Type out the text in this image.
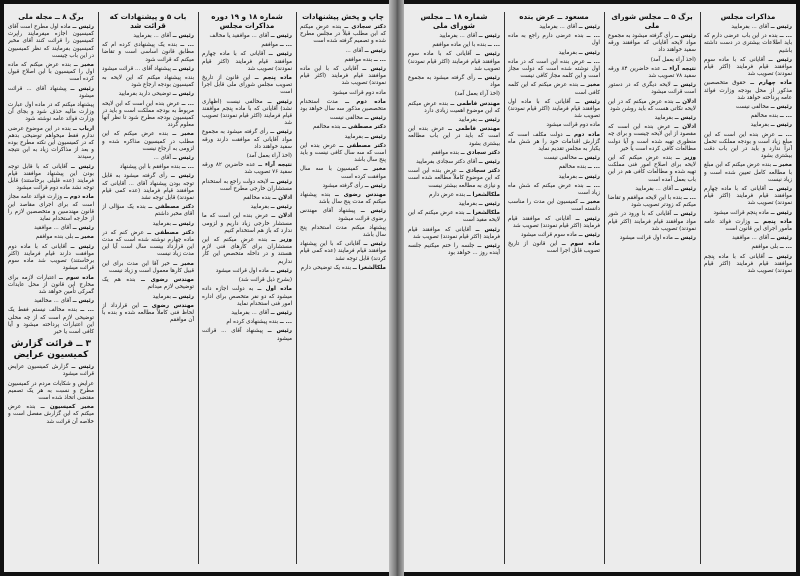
برگ ۸ ــ مجله ملی

رئیس ــ ماده اول مطرح است آقای کمیسیون اجازه میفرمایند راپرت کمیسیون را قرائت کنند آقای مخبر کمیسیون بفرمایند که نظر کمیسیون در این باب چیست

مخبر ــ بنده عرض میکنم که ماده اول را کمیسیون با این اصلاح قبول کرده است

رئیس ــ پیشنهاد آقای ... قرائت میشود

پیشنهاد میکنم که در ماده اول عبارت وزارت مالیه حذف شود و بجای آن وزارت فوائد عامه نوشته شود

ارباب ــ بنده در این موضوع عرضی ندارم فقط میخواهم توضیحی بدهم که در کمیسیون این نکته مطرح بوده و بعد از مذاکرات زیاد به این نتیجه رسیدند

رئیس ــ آقایانی که با قابل توجه بودن این پیشنهاد موافقند قیام فرمایند (عده قلیلی برخاستند) قابل توجه نشد ماده دوم قرائت میشود

ماده دوم ــ وزارت فوائد عامه مجاز است که برای اجرای مقاصد این قانون مهندسین و متخصصین لازم را از خارجه استخدام نماید

رئیس ــ آقای ... موافقید

مخبر ــ بلی بنده موافقم

رئیس ــ آقایانی که با ماده دوم موافقت دارند قیام فرمایند (اکثر برخاستند) تصویب شد ماده سوم قرائت میشود

ماده سوم ــ اعتبارات لازمه برای مخارج این قانون از محل عایدات گمرکی تأمین خواهد شد

رئیس ــ آقای ... مخالفید

... ــ بنده مخالف نیستم فقط یک توضیحی لازم است که از چه محلی این اعتبارات پرداخته میشود و آیا کافی است یا خیر

۳ ــ قرائت گزارش کمیسیون عرایض

رئیس ــ گزارش کمیسیون عرایض قرائت میشود

عرایض و شکایات مردم در کمیسیون مطرح و نسبت به هر یک تصمیم مقتضی اتخاذ شده است

مخبر کمیسیون ــ بنده عرض میکنم که این گزارش مفصل است و خلاصه آن قرائت شد

باب ۵ و پیشنهادات که قرائت شد

رئیس ــ آقای ... بفرمایید

... ــ بنده یک پیشنهادی کرده ام که مطابق قانون اساسی است و تقاضا میکنم که قرائت شود

رئیس ــ پیشنهاد آقای ... قرائت میشود

بنده پیشنهاد میکنم که این لایحه به کمیسیون بودجه ارجاع شود

رئیس ــ توضیحی دارید بفرمایید

... ــ عرض بنده این است که این لایحه مربوط به بودجه مملکت است و باید در کمیسیون بودجه مطرح شود تا نظر آنها معلوم گردد

مخبر ــ بنده عرض میکنم که این مطلب در کمیسیون مذاکره شده و لزومی به ارجاع نیست

رئیس ــ آقای ...

... ــ بنده موافقم با این پیشنهاد

رئیس ــ رأی گرفته میشود به قابل توجه بودن پیشنهاد آقای ... آقایانی که موافقند قیام فرمایند (عده کمی قیام نمودند) قابل توجه نشد

دکتر مصطفی ــ بنده یک سؤالی از آقای مخبر داشتم

رئیس ــ بفرمایید

دکتر مصطفی ــ عرض کنم که در ماده چهارم نوشته شده است که مدت این قرارداد بیست سال است آیا این مدت زیاد نیست

مخبر ــ خیر آقا این مدت برای این قبیل کارها معمول است و زیاد نیست

مهندس رضوی ــ بنده هم یک توضیحی لازم میدانم

رئیس ــ بفرمایید

مهندس رضوی ــ این قرارداد از لحاظ فنی کاملاً مطالعه شده و بنده با آن موافقم

شماره ۱۸ و ۱۹ دوره مذاکرات مجلس

رئیس ــ آقای ... موافقید یا مخالف

... ــ موافقم

رئیس ــ آقایانی که با ماده چهارم موافقند قیام فرمایند (اکثر قیام نمودند) تصویب شد

ماده پنجم ــ این قانون از تاریخ تصویب مجلس شورای ملی قابل اجرا است

رئیس ــ مخالفی نیست (اظهاری نشد) آقایانی که با ماده پنجم موافقند قیام فرمایند (اکثر قیام نمودند) تصویب شد

رئیس ــ رأی گرفته میشود به مجموع مواد آقایانی که موافقت دارند ورقه سفید خواهند داد

(اخذ آراء بعمل آمد)

نتیجه آراء ــ عده حاضرین ۸۲ ورقه سفید ۷۶ تصویب شد

رئیس ــ لایحه دولت راجع به استخدام مستشاران خارجی مطرح است

ادلان ــ بنده مخالفم

رئیس ــ بفرمایید

ادلان ــ عرض بنده این است که ما مستشار خارجی زیاد داریم و لزومی ندارد که باز هم استخدام کنیم

وزیر ــ بنده عرض میکنم که این مستشاران برای کارهای فنی لازم هستند و در داخله متخصص این کار نداریم

رئیس ــ ماده اول قرائت میشود

(بشرح ذیل قرائت شد)

ماده اول ــ به دولت اجازه داده میشود که دو نفر متخصص برای اداره امور فنی استخدام نماید

رئیس ــ آقای ... بفرمایید

... ــ بنده پیشنهادی کرده ام

رئیس ــ پیشنهاد آقای ... قرائت میشود

چاپ و پخش پیشنهادات

دکتر سجادی ــ بنده عرض میکنم که این مطلب قبلاً در مجلس مطرح شده و تصمیم گرفته شده است

رئیس ــ آقای ...

... ــ بنده موافقم

رئیس ــ آقایانی که با این ماده موافقند قیام فرمایند (اکثر قیام نمودند) تصویب شد

ماده دوم قرائت میشود

ماده دوم ــ مدت استخدام متخصصین مذکور سه سال خواهد بود

رئیس ــ مخالفی نیست

دکتر مصطفی ــ بنده مخالفم

رئیس ــ بفرمایید

دکتر مصطفی ــ عرض بنده این است که سه سال کافی نیست و باید پنج سال باشد

مخبر ــ کمیسیون با سه سال موافقت کرده است

رئیس ــ رأی گرفته میشود

مهندس رضوی ــ بنده پیشنهاد میکنم که مدت پنج سال باشد

رئیس ــ پیشنهاد آقای مهندس رضوی قرائت میشود

پیشنهاد میکنم مدت استخدام پنج سال باشد

رئیس ــ آقایانی که با این پیشنهاد موافقند قیام فرمایند (عده کمی قیام کردند) قابل توجه نشد

ملکالشعرا ــ بنده یک توضیحی دارم

شماره ۱۸ ــ مجلس شورای ملی

رئیس ــ آقای ... بفرمایید

... ــ بنده با این ماده موافقم

رئیس ــ آقایانی که با ماده سوم موافقند قیام فرمایند (اکثر قیام نمودند) تصویب شد

رئیس ــ رأی گرفته میشود به مجموع مواد

(اخذ آراء بعمل آمد)

مهندس فاطمی ــ بنده عرض میکنم که این موضوع اهمیت زیادی دارد

رئیس ــ بفرمایید

مهندس فاطمی ــ عرض بنده این است که باید در این باب مطالعه بیشتری بشود

دکتر سجادی ــ بنده موافقم

رئیس ــ آقای دکتر سجادی بفرمایید

دکتر سجادی ــ عرض بنده این است که این موضوع کاملاً مطالعه شده است و نیازی به مطالعه بیشتر نیست

ملکالشعرا ــ بنده عرض دارم

رئیس ــ بفرمایید

ملکالشعرا ــ بنده عرض میکنم که این لایحه مفید است

رئیس ــ آقایانی که موافقند قیام فرمایند (اکثر قیام نمودند) تصویب شد

رئیس ــ جلسه را ختم میکنیم جلسه آینده روز ... خواهد بود

مسعود ــ عرض بنده

رئیس ــ آقای ... بفرمایید

... ــ بنده عرضی دارم راجع به ماده اول

رئیس ــ بفرمایید

... ــ عرض بنده این است که در ماده اول نوشته شده است که دولت مجاز است و این کلمه مجاز کافی نیست

مخبر ــ بنده عرض میکنم که این کلمه کافی است

رئیس ــ آقایانی که با ماده اول موافقند قیام فرمایند (اکثر قیام نمودند) تصویب شد

ماده دوم قرائت میشود

ماده دوم ــ دولت مکلف است که گزارش اقدامات خود را هر شش ماه یکبار به مجلس تقدیم نماید

رئیس ــ مخالفی نیست

... ــ بنده مخالفم

رئیس ــ بفرمایید

... ــ بنده عرض میکنم که شش ماه زیاد است

مخبر ــ کمیسیون این مدت را مناسب دانسته است

رئیس ــ آقایانی که موافقند قیام فرمایند (اکثر قیام نمودند) تصویب شد

رئیس ــ ماده سوم قرائت میشود

ماده سوم ــ این قانون از تاریخ تصویب قابل اجرا است

برگ ۵ ــ مجلس شورای ملی

رئیس ــ رأی گرفته میشود به مجموع مواد لایحه آقایانی که موافقند ورقه سفید خواهند داد

(اخذ آراء بعمل آمد)

نتیجه آراء ــ عده حاضرین ۸۴ ورقه سفید ۷۸ تصویب شد

رئیس ــ لایحه دیگری که در دستور است قرائت میشود

ادلان ــ بنده عرض میکنم که در این لایحه نکاتی هست که باید روشن شود

رئیس ــ بفرمایید

ادلان ــ عرض بنده این است که مقصود از این لایحه چیست و برای چه منظوری تهیه شده است و آیا دولت مطالعات کافی کرده است یا خیر

وزیر ــ بنده عرض میکنم که این لایحه برای اصلاح امور فنی مملکت تهیه شده و مطالعات کافی هم در این باب بعمل آمده است

رئیس ــ آقای ... بفرمایید

... ــ بنده با این لایحه موافقم و تقاضا میکنم که زودتر تصویب شود

رئیس ــ آقایانی که با ورود در شور مواد موافقند قیام فرمایند (اکثر قیام نمودند) تصویب شد

رئیس ــ ماده اول قرائت میشود

مذاکرات مجلس

رئیس ــ آقای ... بفرمایید

... ــ بنده در این باب عرضی دارم که باید اطلاعات بیشتری در دست داشته باشیم

رئیس ــ آقایانی که با ماده سوم موافقند قیام فرمایند (اکثر قیام نمودند) تصویب شد

ماده چهارم ــ حقوق متخصصین مذکور از محل بودجه وزارت فوائد عامه پرداخته خواهد شد

رئیس ــ مخالفی نیست

... ــ بنده مخالفم

رئیس ــ بفرمایید

... ــ عرض بنده این است که این مبلغ زیاد است و بودجه مملکت تحمل آنرا ندارد و باید در این باب دقت بیشتری بشود

مخبر ــ بنده عرض میکنم که این مبلغ با مطالعه کامل تعیین شده است و زیاد نیست

رئیس ــ آقایانی که با ماده چهارم موافقند قیام فرمایند (اکثر قیام نمودند) تصویب شد

رئیس ــ ماده پنجم قرائت میشود

ماده پنجم ــ وزارت فوائد عامه مأمور اجرای این قانون است

رئیس ــ آقای ... موافقید

... ــ بلی موافقم

رئیس ــ آقایانی که با ماده پنجم موافقند قیام فرمایند (اکثر قیام نمودند) تصویب شد
